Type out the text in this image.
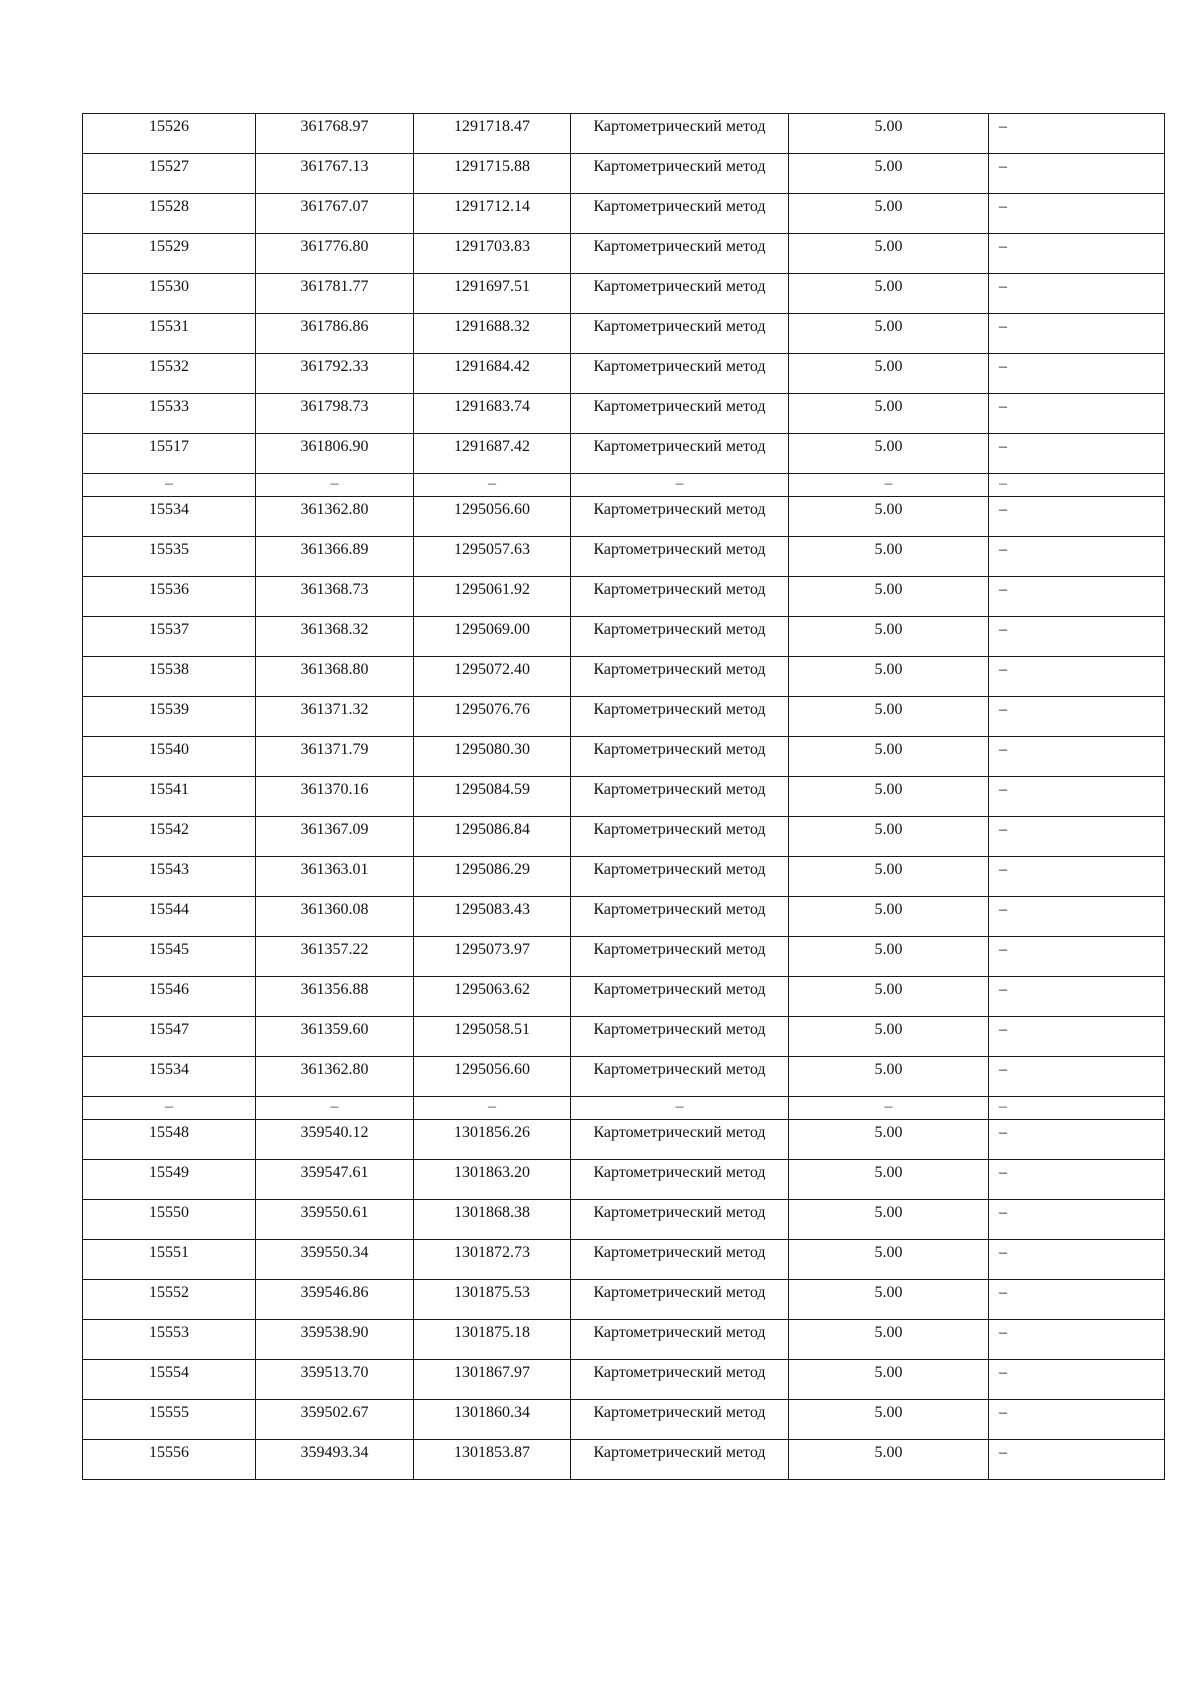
15526	361768.97	1291718.47	Картометрический метод	5.00	–
15527	361767.13	1291715.88	Картометрический метод	5.00	–
15528	361767.07	1291712.14	Картометрический метод	5.00	–
15529	361776.80	1291703.83	Картометрический метод	5.00	–
15530	361781.77	1291697.51	Картометрический метод	5.00	–
15531	361786.86	1291688.32	Картометрический метод	5.00	–
15532	361792.33	1291684.42	Картометрический метод	5.00	–
15533	361798.73	1291683.74	Картометрический метод	5.00	–
15517	361806.90	1291687.42	Картометрический метод	5.00	–
–	–	–	–	–	–
15534	361362.80	1295056.60	Картометрический метод	5.00	–
15535	361366.89	1295057.63	Картометрический метод	5.00	–
15536	361368.73	1295061.92	Картометрический метод	5.00	–
15537	361368.32	1295069.00	Картометрический метод	5.00	–
15538	361368.80	1295072.40	Картометрический метод	5.00	–
15539	361371.32	1295076.76	Картометрический метод	5.00	–
15540	361371.79	1295080.30	Картометрический метод	5.00	–
15541	361370.16	1295084.59	Картометрический метод	5.00	–
15542	361367.09	1295086.84	Картометрический метод	5.00	–
15543	361363.01	1295086.29	Картометрический метод	5.00	–
15544	361360.08	1295083.43	Картометрический метод	5.00	–
15545	361357.22	1295073.97	Картометрический метод	5.00	–
15546	361356.88	1295063.62	Картометрический метод	5.00	–
15547	361359.60	1295058.51	Картометрический метод	5.00	–
15534	361362.80	1295056.60	Картометрический метод	5.00	–
–	–	–	–	–	–
15548	359540.12	1301856.26	Картометрический метод	5.00	–
15549	359547.61	1301863.20	Картометрический метод	5.00	–
15550	359550.61	1301868.38	Картометрический метод	5.00	–
15551	359550.34	1301872.73	Картометрический метод	5.00	–
15552	359546.86	1301875.53	Картометрический метод	5.00	–
15553	359538.90	1301875.18	Картометрический метод	5.00	–
15554	359513.70	1301867.97	Картометрический метод	5.00	–
15555	359502.67	1301860.34	Картометрический метод	5.00	–
15556	359493.34	1301853.87	Картометрический метод	5.00	–
